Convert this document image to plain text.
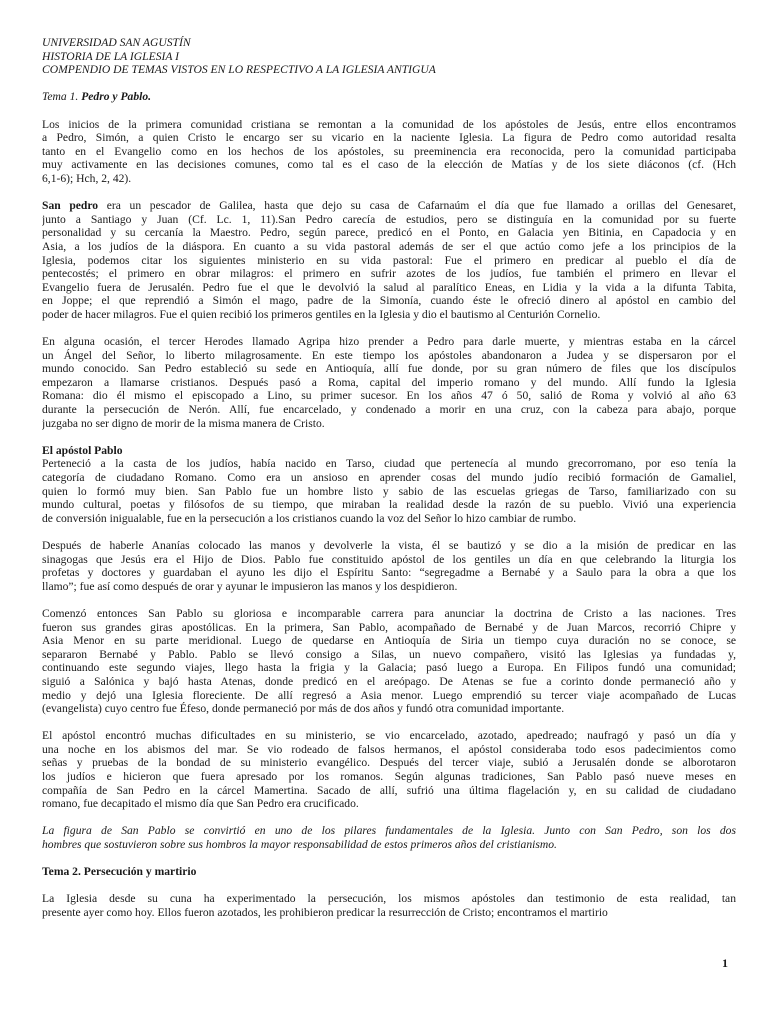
UNIVERSIDAD SAN AGUSTÍN
HISTORIA DE LA IGLESIA I
COMPENDIO DE TEMAS VISTOS EN LO RESPECTIVO A LA IGLESIA ANTIGUA
Tema 1. Pedro y Pablo.
Los inicios de la primera comunidad cristiana se remontan a la comunidad de los apóstoles de Jesús, entre ellos encontramos
a Pedro, Simón, a quien Cristo le encargo ser su vicario en la naciente Iglesia. La figura de Pedro como autoridad resalta
tanto en el Evangelio como en los hechos de los apóstoles, su preeminencia era reconocida, pero la comunidad participaba
muy activamente en las decisiones comunes, como tal es el caso de la elección de Matías y de los siete diáconos (cf. (Hch
6,1-6); Hch, 2, 42).
San pedro era un pescador de Galilea, hasta que dejo su casa de Cafarnaúm el día que fue llamado a orillas del Genesaret,
junto a Santiago y Juan (Cf. Lc. 1, 11).San Pedro carecía de estudios, pero se distinguía en la comunidad por su fuerte
personalidad y su cercanía la Maestro. Pedro, según parece, predicó en el Ponto, en Galacia yen Bitinia, en Capadocia y en
Asia, a los judíos de la diáspora. En cuanto a su vida pastoral además de ser el que actúo como jefe a los principios de la
Iglesia, podemos citar los siguientes ministerio en su vida pastoral: Fue el primero en predicar al pueblo el día de
pentecostés; el primero en obrar milagros: el primero en sufrir azotes de los judíos, fue también el primero en llevar el
Evangelio fuera de Jerusalén. Pedro fue el que le devolvió la salud al paralítico Eneas, en Lidia y la vida a la difunta Tabita,
en Joppe; el que reprendió a Simón el mago, padre de la Simonía, cuando éste le ofreció dinero al apóstol en cambio del
poder de hacer milagros. Fue el quien recibió los primeros gentiles en la Iglesia y dio el bautismo al Centurión Cornelio.
En alguna ocasión, el tercer Herodes llamado Agripa hizo prender a Pedro para darle muerte, y mientras estaba en la cárcel
un Ángel del Señor, lo liberto milagrosamente. En este tiempo los apóstoles abandonaron a Judea y se dispersaron por el
mundo conocido. San Pedro estableció su sede en Antioquía, allí fue donde, por su gran número de files que los discípulos
empezaron a llamarse cristianos. Después pasó a Roma, capital del imperio romano y del mundo. Allí fundo la Iglesia
Romana: dio él mismo el episcopado a Lino, su primer sucesor. En los años 47 ó 50, salió de Roma y volvió al año 63
durante la persecución de Nerón. Allí, fue encarcelado, y condenado a morir en una cruz, con la cabeza para abajo, porque
juzgaba no ser digno de morir de la misma manera de Cristo.
El apóstol Pablo
Perteneció a la casta de los judíos, había nacido en Tarso, ciudad que pertenecía al mundo grecorromano, por eso tenía la
categoría de ciudadano Romano. Como era un ansioso en aprender cosas del mundo judío recibió formación de Gamaliel,
quien lo formó muy bien. San Pablo fue un hombre listo y sabio de las escuelas griegas de Tarso, familiarizado con su
mundo cultural, poetas y filósofos de su tiempo, que miraban la realidad desde la razón de su pueblo. Vivió una experiencia
de conversión inigualable, fue en la persecución a los cristianos cuando la voz del Señor lo hizo cambiar de rumbo.
Después de haberle Ananías colocado las manos y devolverle la vista, él se bautizó y se dio a la misión de predicar en las
sinagogas que Jesús era el Hijo de Dios. Pablo fue constituido apóstol de los gentiles un día en que celebrando la liturgia los
profetas y doctores y guardaban el ayuno les dijo el Espíritu Santo: “segregadme a Bernabé y a Saulo para la obra a que los
llamo”; fue así como después de orar y ayunar le impusieron las manos y los despidieron.
Comenzó entonces San Pablo su gloriosa e incomparable carrera para anunciar la doctrina de Cristo a las naciones. Tres
fueron sus grandes giras apostólicas. En la primera, San Pablo, acompañado de Bernabé y de Juan Marcos, recorrió Chipre y
Asia Menor en su parte meridional. Luego de quedarse en Antioquía de Siria un tiempo cuya duración no se conoce, se
separaron Bernabé y Pablo. Pablo se llevó consigo a Silas, un nuevo compañero, visitó las Iglesias ya fundadas y,
continuando este segundo viajes, llego hasta la frigia y la Galacia; pasó luego a Europa. En Filipos fundó una comunidad;
siguió a Salónica y bajó hasta Atenas, donde predicó en el areópago. De Atenas se fue a corinto donde permaneció año y
medio y dejó una Iglesia floreciente. De allí regresó a Asia menor. Luego emprendió su tercer viaje acompañado de Lucas
(evangelista) cuyo centro fue Éfeso, donde permaneció por más de dos años y fundó otra comunidad importante.
El apóstol encontró muchas dificultades en su ministerio, se vio encarcelado, azotado, apedreado; naufragó y pasó un día y
una noche en los abismos del mar. Se vio rodeado de falsos hermanos, el apóstol consideraba todo esos padecimientos como
señas y pruebas de la bondad de su ministerio evangélico. Después del tercer viaje, subió a Jerusalén donde se alborotaron
los judíos e hicieron que fuera apresado por los romanos. Según algunas tradiciones, San Pablo pasó nueve meses en
compañía de San Pedro en la cárcel Mamertina. Sacado de allí, sufrió una última flagelación y, en su calidad de ciudadano
romano, fue decapitado el mismo día que San Pedro era crucificado.
La figura de San Pablo se convirtió en uno de los pilares fundamentales de la Iglesia. Junto con San Pedro, son los dos
hombres que sostuvieron sobre sus hombros la mayor responsabilidad de estos primeros años del cristianismo.
Tema 2. Persecución y martirio
La Iglesia desde su cuna ha experimentado la persecución, los mismos apóstoles dan testimonio de esta realidad, tan
presente ayer como hoy. Ellos fueron azotados, les prohibieron predicar la resurrección de Cristo; encontramos el martirio
1
